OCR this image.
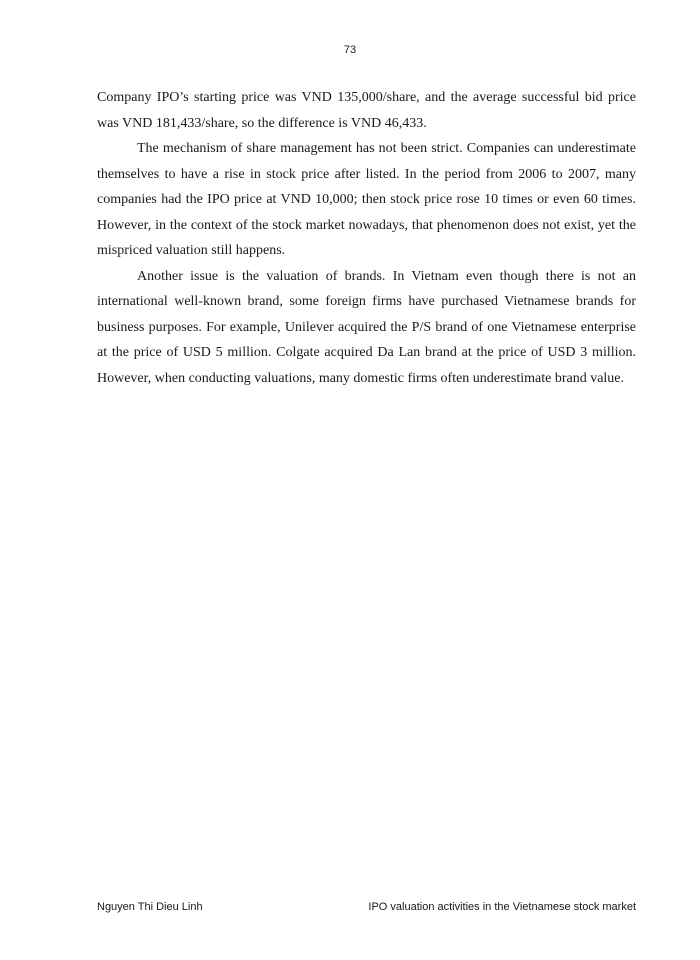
73

Company IPO’s starting price was VND 135,000/share, and the average successful bid price was VND 181,433/share, so the difference is VND 46,433.

The mechanism of share management has not been strict. Companies can underestimate themselves to have a rise in stock price after listed. In the period from 2006 to 2007, many companies had the IPO price at VND 10,000; then stock price rose 10 times or even 60 times. However, in the context of the stock market nowadays, that phenomenon does not exist, yet the mispriced valuation still happens.

Another issue is the valuation of brands. In Vietnam even though there is not an international well-known brand, some foreign firms have purchased Vietnamese brands for business purposes. For example, Unilever acquired the P/S brand of one Vietnamese enterprise at the price of USD 5 million. Colgate acquired Da Lan brand at the price of USD 3 million. However, when conducting valuations, many domestic firms often underestimate brand value.

Nguyen Thi Dieu Linh	IPO valuation activities in the Vietnamese stock market
